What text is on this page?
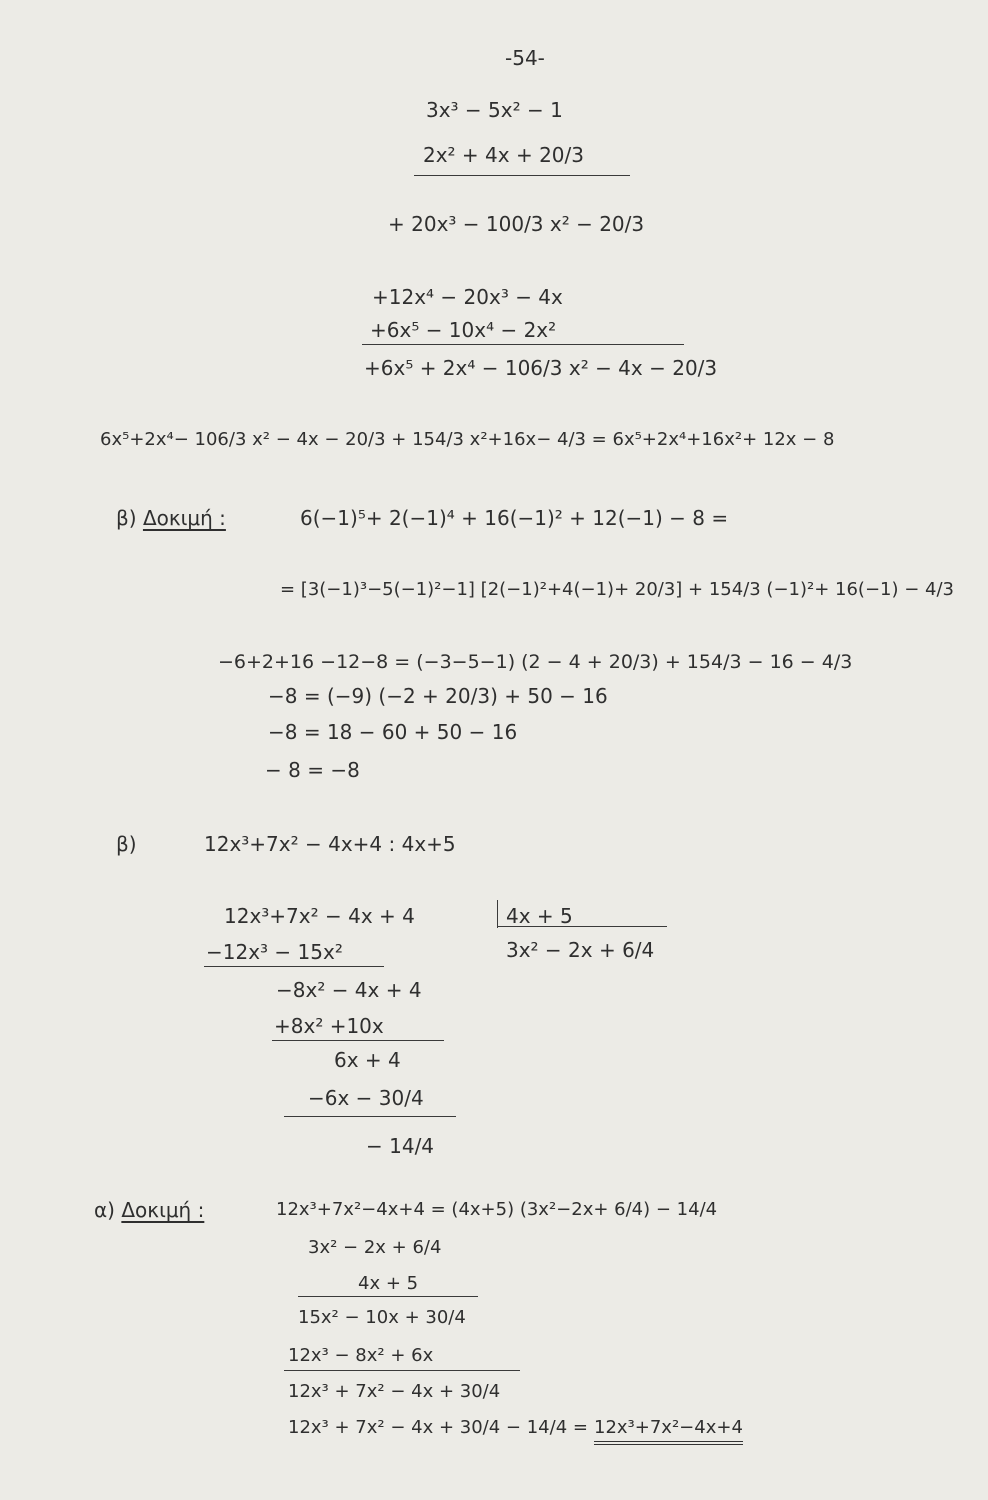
-54-
3x³ − 5x² − 1
2x² + 4x + 20/3
+ 20x³ − 100/3 x² − 20/3
+12x⁴ − 20x³ − 4x
+6x⁵ − 10x⁴ − 2x²
+6x⁵ + 2x⁴ − 106/3 x² − 4x − 20/3
6x⁵+2x⁴− 106/3 x² − 4x − 20/3 + 154/3 x²+16x− 4/3 = 6x⁵+2x⁴+16x²+ 12x − 8
β) Δοκιμή :	6(−1)⁵+ 2(−1)⁴ + 16(−1)² + 12(−1) − 8 =
= [3(−1)³−5(−1)²−1] [2(−1)²+4(−1)+ 20/3] + 154/3 (−1)²+ 16(−1) − 4/3
−6+2+16 −12−8 = (−3−5−1) (2 − 4 + 20/3) + 154/3 − 16 − 4/3
−8 = (−9) (−2 + 20/3) + 50 − 16
−8 = 18 − 60 + 50 − 16
− 8 = −8
β)	12x³+7x² − 4x+4 : 4x+5
12x³+7x² − 4x + 4	4x + 5
3x² − 2x + 6/4
−12x³ − 15x²
−8x² − 4x + 4
+8x² +10x
6x + 4
−6x − 30/4
− 14/4
α) Δοκιμή :	12x³+7x²−4x+4 = (4x+5) (3x²−2x+ 6/4) − 14/4
3x² − 2x + 6/4
4x + 5
15x² − 10x + 30/4
12x³ − 8x² + 6x
12x³ + 7x² − 4x + 30/4
12x³ + 7x² − 4x + 30/4 − 14/4 = 12x³+7x²−4x+4
